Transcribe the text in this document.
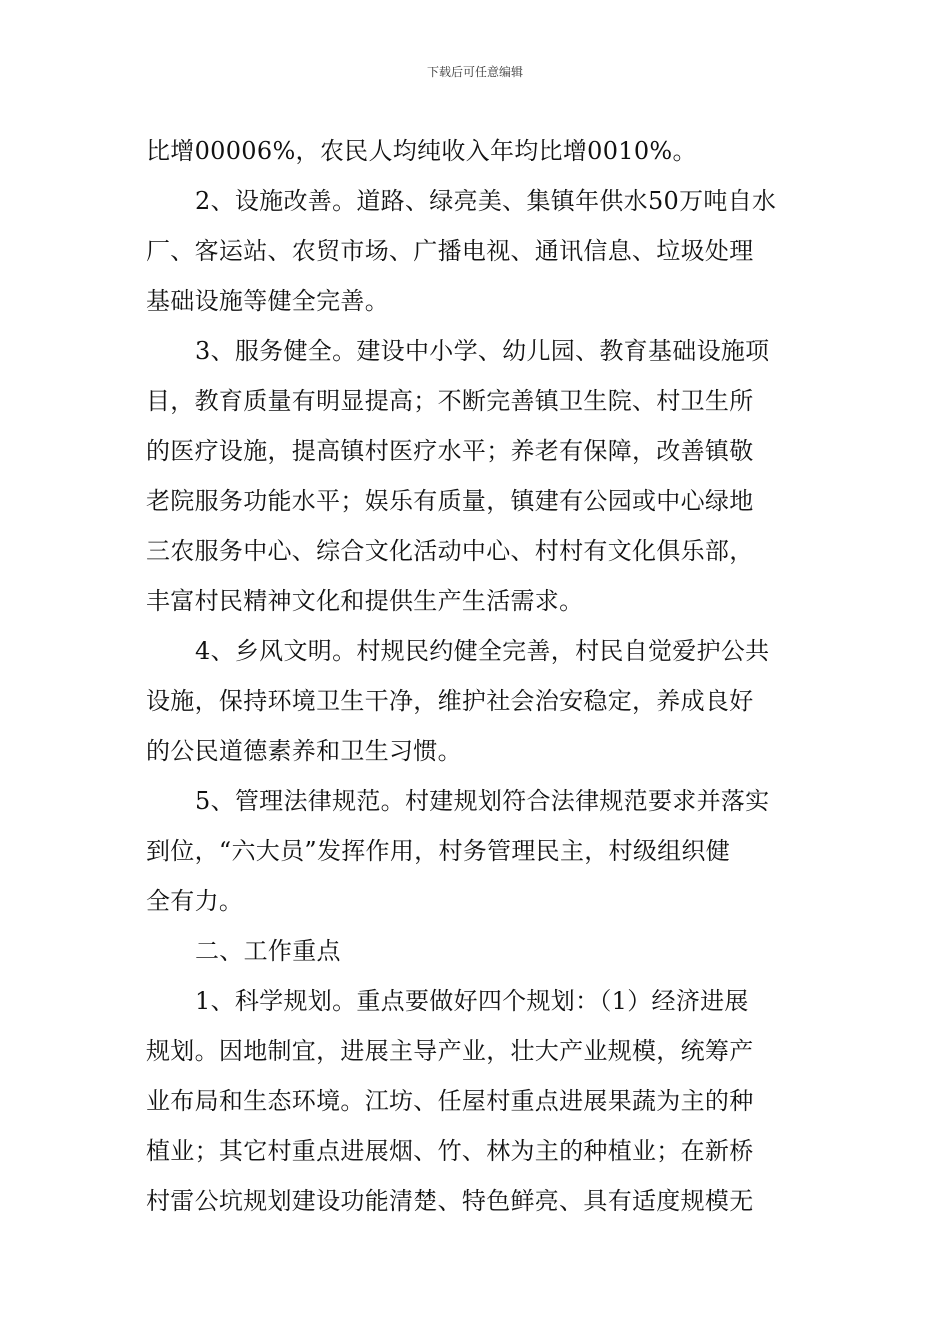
下载后可任意编辑
比增00006%，农民人均纯收入年均比增0010%。
2、设施改善。道路、绿亮美、集镇年供水50万吨自水
厂、客运站、农贸市场、广播电视、通讯信息、垃圾处理
基础设施等健全完善。
3、服务健全。建设中小学、幼儿园、教育基础设施项
目，教育质量有明显提高；不断完善镇卫生院、村卫生所
的医疗设施，提高镇村医疗水平；养老有保障，改善镇敬
老院服务功能水平；娱乐有质量，镇建有公园或中心绿地
三农服务中心、综合文化活动中心、村村有文化俱乐部，
丰富村民精神文化和提供生产生活需求。
4、乡风文明。村规民约健全完善，村民自觉爱护公共
设施，保持环境卫生干净，维护社会治安稳定，养成良好
的公民道德素养和卫生习惯。
5、管理法律规范。村建规划符合法律规范要求并落实
到位，“六大员”发挥作用，村务管理民主，村级组织健
全有力。
二、工作重点
1、科学规划。重点要做好四个规划：（1）经济进展
规划。因地制宜，进展主导产业，壮大产业规模，统筹产
业布局和生态环境。江坊、任屋村重点进展果蔬为主的种
植业；其它村重点进展烟、竹、林为主的种植业；在新桥
村雷公坑规划建设功能清楚、特色鲜亮、具有适度规模无
